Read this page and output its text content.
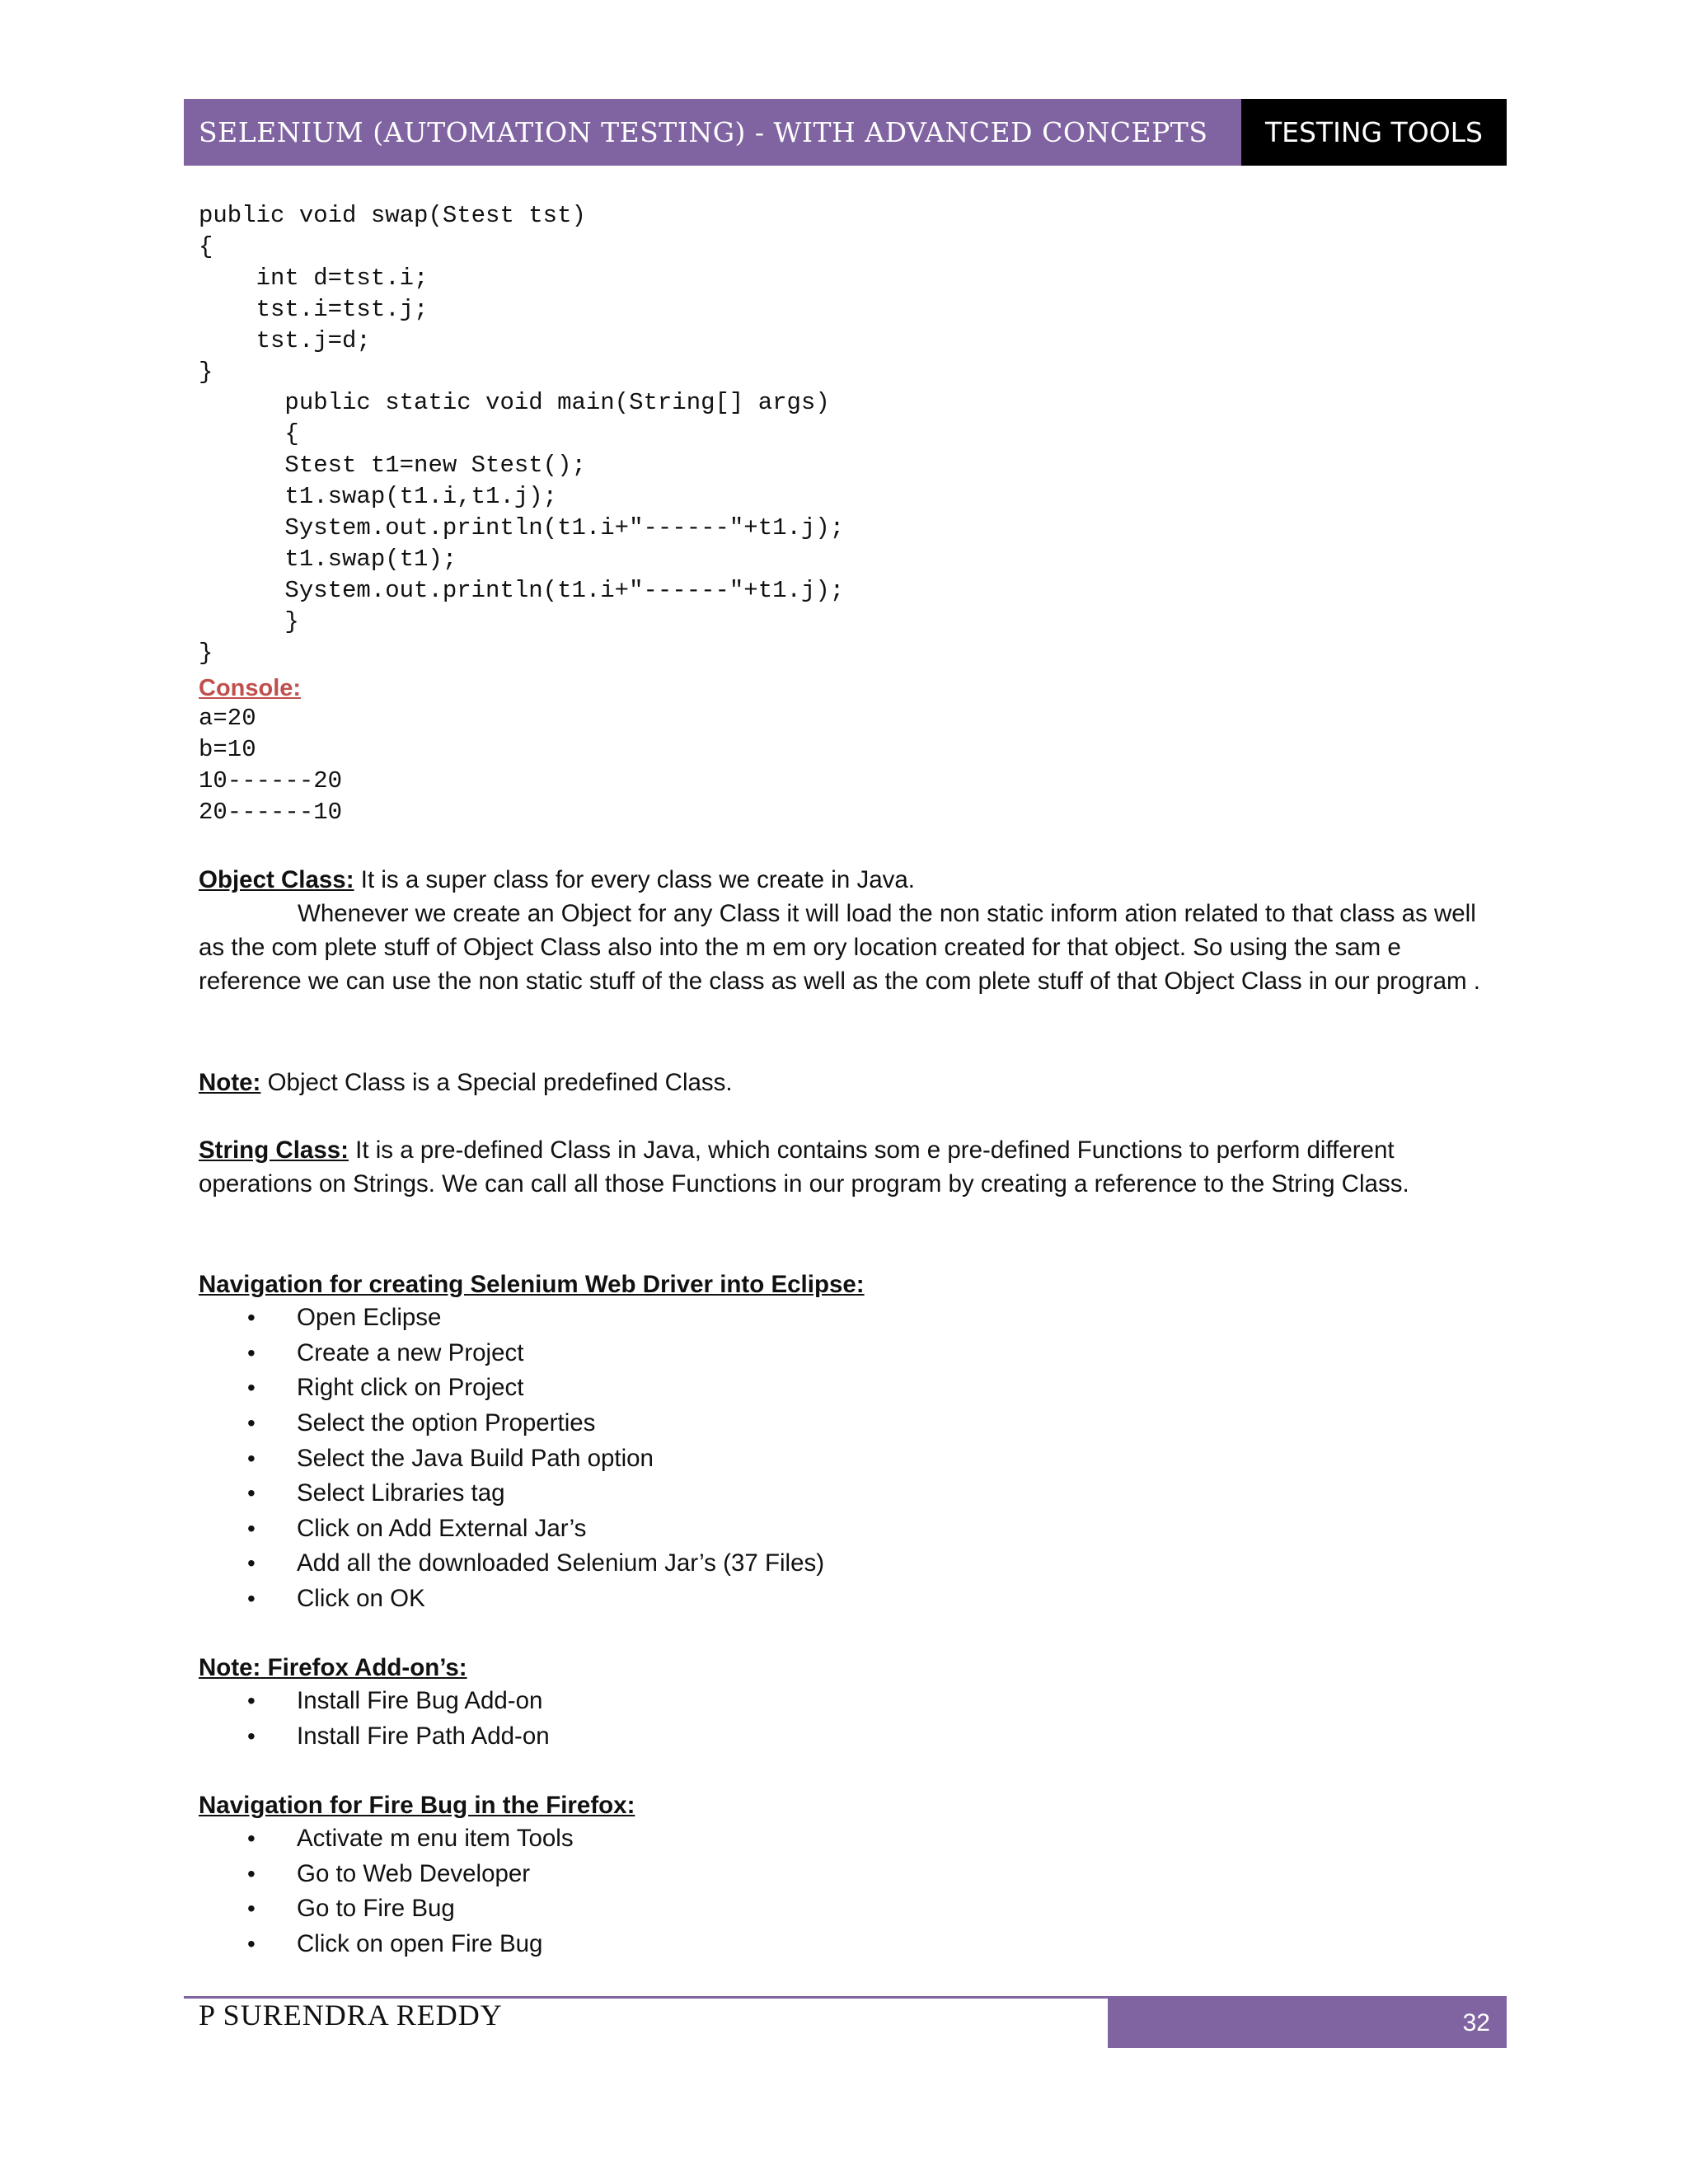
SELENIUM (AUTOMATION TESTING) - WITH ADVANCED CONCEPTS TESTING TOOLS
public void swap(Stest tst)
{
int d=tst.i;
tst.i=tst.j;
tst.j=d;
}
public static void main(String[] args)
{
Stest t1=new Stest();
t1.swap(t1.i,t1.j);
System.out.println(t1.i+"------"+t1.j);
t1.swap(t1);
System.out.println(t1.i+"------"+t1.j);
}
}
Console:
a=20
b=10
10------20
20------10
Object Class: It is a super class for every class we create in Java.
Whenever we create an Object for any Class it will load the non static inform ation related to that class as well as the com plete stuff of Object Class also into the m em ory location created for that object. So using the sam e reference we can use the non static stuff of the class as well as the com plete stuff of that Object Class in our program .
Note: Object Class is a Special predefined Class.
String Class: It is a pre-defined Class in Java, which contains som e pre-defined Functions to perform different operations on Strings. We can call all those Functions in our program by creating a reference to the String Class.
Navigation for creating Selenium Web Driver into Eclipse:
•	Open Eclipse
•	Create a new Project
•	Right click on Project
•	Select the option Properties
•	Select the Java Build Path option
•	Select Libraries tag
•	Click on Add External Jar’s
•	Add all the downloaded Selenium Jar’s (37 Files)
•	Click on OK
Note: Firefox Add-on’s:
•	Install Fire Bug Add-on
•	Install Fire Path Add-on
Navigation for Fire Bug in the Firefox:
•	Activate m enu item Tools
•	Go to Web Developer
•	Go to Fire Bug
•	Click on open Fire Bug
P SURENDRA REDDY	32
